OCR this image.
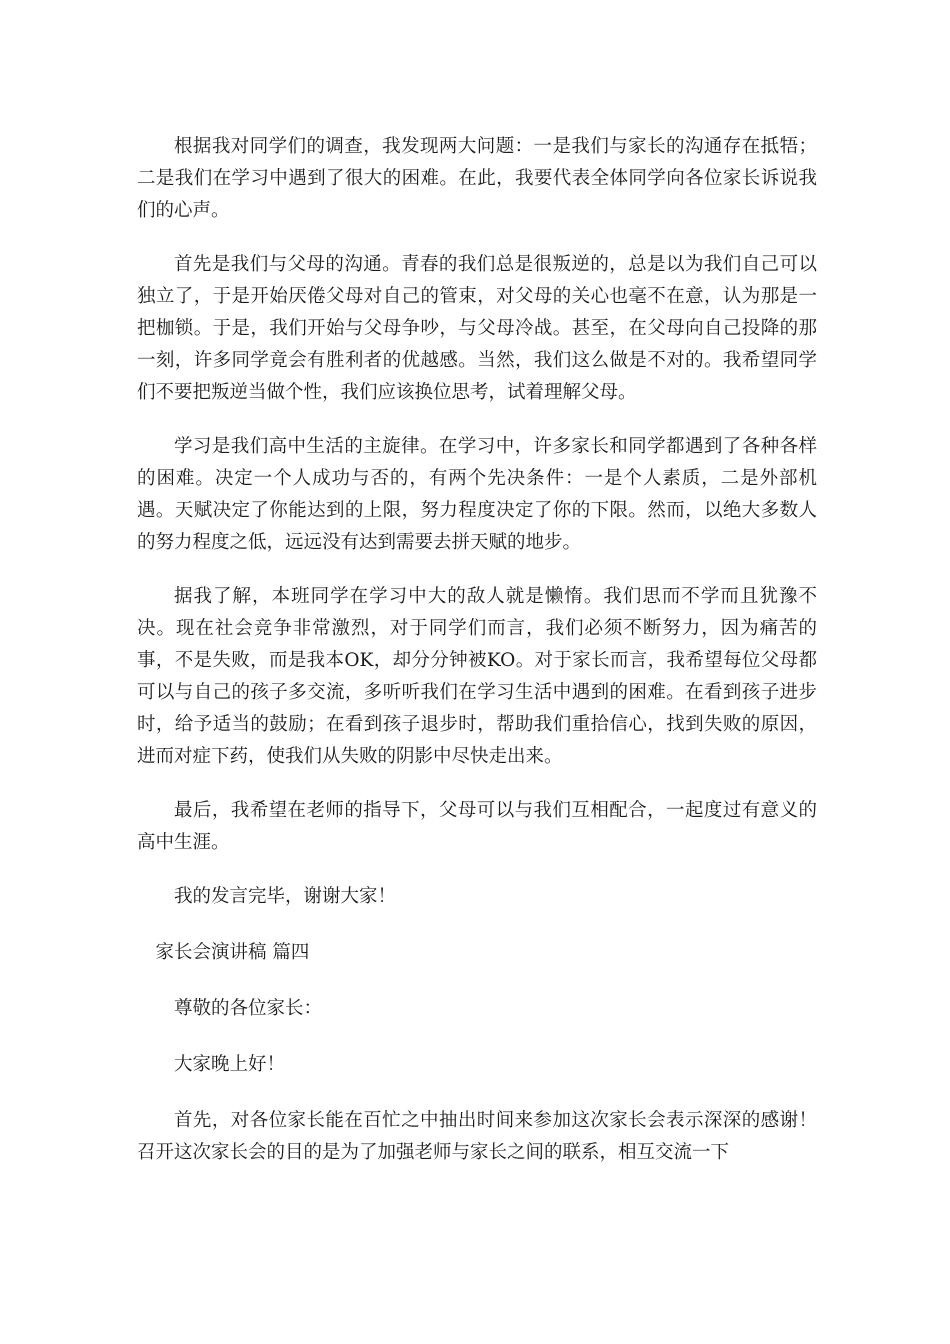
根据我对同学们的调查，我发现两大问题：一是我们与家长的沟通存在抵牾；二是我们在学习中遇到了很大的困难。在此，我要代表全体同学向各位家长诉说我们的心声。

首先是我们与父母的沟通。青春的我们总是很叛逆的，总是以为我们自己可以独立了，于是开始厌倦父母对自己的管束，对父母的关心也毫不在意，认为那是一把枷锁。于是，我们开始与父母争吵，与父母冷战。甚至，在父母向自己投降的那一刻，许多同学竟会有胜利者的优越感。当然，我们这么做是不对的。我希望同学们不要把叛逆当做个性，我们应该换位思考，试着理解父母。

学习是我们高中生活的主旋律。在学习中，许多家长和同学都遇到了各种各样的困难。决定一个人成功与否的，有两个先决条件：一是个人素质，二是外部机遇。天赋决定了你能达到的上限，努力程度决定了你的下限。然而，以绝大多数人的努力程度之低，远远没有达到需要去拼天赋的地步。

据我了解，本班同学在学习中大的敌人就是懒惰。我们思而不学而且犹豫不决。现在社会竞争非常激烈，对于同学们而言，我们必须不断努力，因为痛苦的事，不是失败，而是我本OK，却分分钟被KO。对于家长而言，我希望每位父母都可以与自己的孩子多交流，多听听我们在学习生活中遇到的困难。在看到孩子进步时，给予适当的鼓励；在看到孩子退步时，帮助我们重拾信心，找到失败的原因，进而对症下药，使我们从失败的阴影中尽快走出来。

最后，我希望在老师的指导下，父母可以与我们互相配合，一起度过有意义的高中生涯。

我的发言完毕，谢谢大家！

家长会演讲稿 篇四

尊敬的各位家长：

大家晚上好！

首先，对各位家长能在百忙之中抽出时间来参加这次家长会表示深深的感谢！召开这次家长会的目的是为了加强老师与家长之间的联系，相互交流一下
